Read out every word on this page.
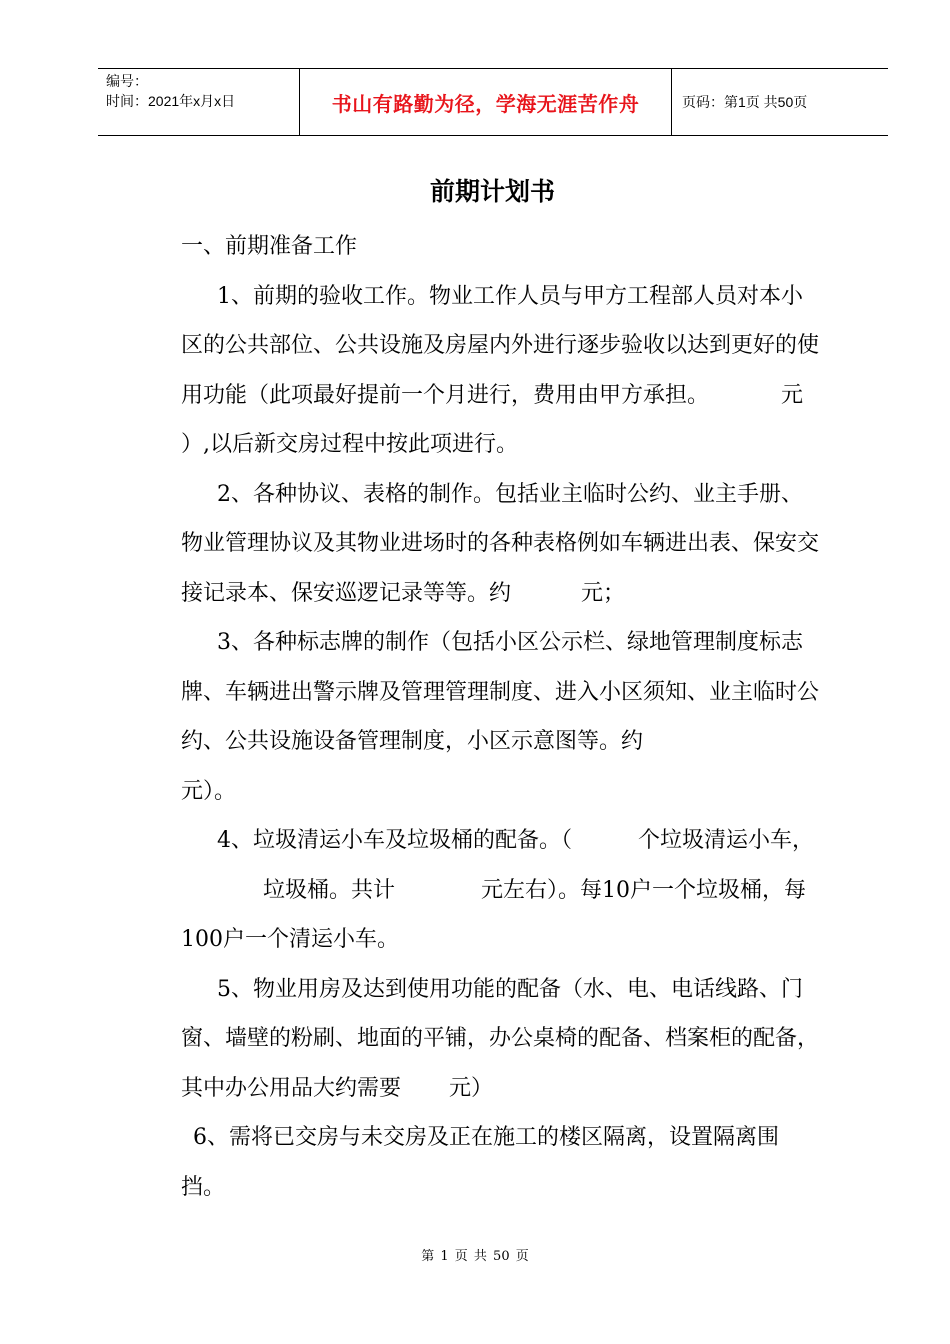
编号：
时间：2021年x月x日	书山有路勤为径，学海无涯苦作舟	页码：第1页 共50页
前期计划书

一、前期准备工作

1、前期的验收工作。物业工作人员与甲方工程部人员对本小区的公共部位、公共设施及房屋内外进行逐步验收以达到更好的使用功能（此项最好提前一个月进行，费用由甲方承担。	元 ）,以后新交房过程中按此项进行。

2、各种协议、表格的制作。包括业主临时公约、业主手册、物业管理协议及其物业进场时的各种表格例如车辆进出表、保安交接记录本、保安巡逻记录等等。约	元；

3、各种标志牌的制作（包括小区公示栏、绿地管理制度标志牌、车辆进出警示牌及管理管理制度、进入小区须知、业主临时公约、公共设施设备管理制度，小区示意图等。约

元）。

4、垃圾清运小车及垃圾桶的配备。（	个垃圾清运小车，垃圾桶。共计	元左右）。每10户一个垃圾桶，每100户一个清运小车。

5、物业用房及达到使用功能的配备（水、电、电话线路、门窗、墙壁的粉刷、地面的平铺，办公桌椅的配备、档案柜的配备，其中办公用品大约需要 元）

6、需将已交房与未交房及正在施工的楼区隔离，设置隔离围挡。

第 1 页 共 50 页
